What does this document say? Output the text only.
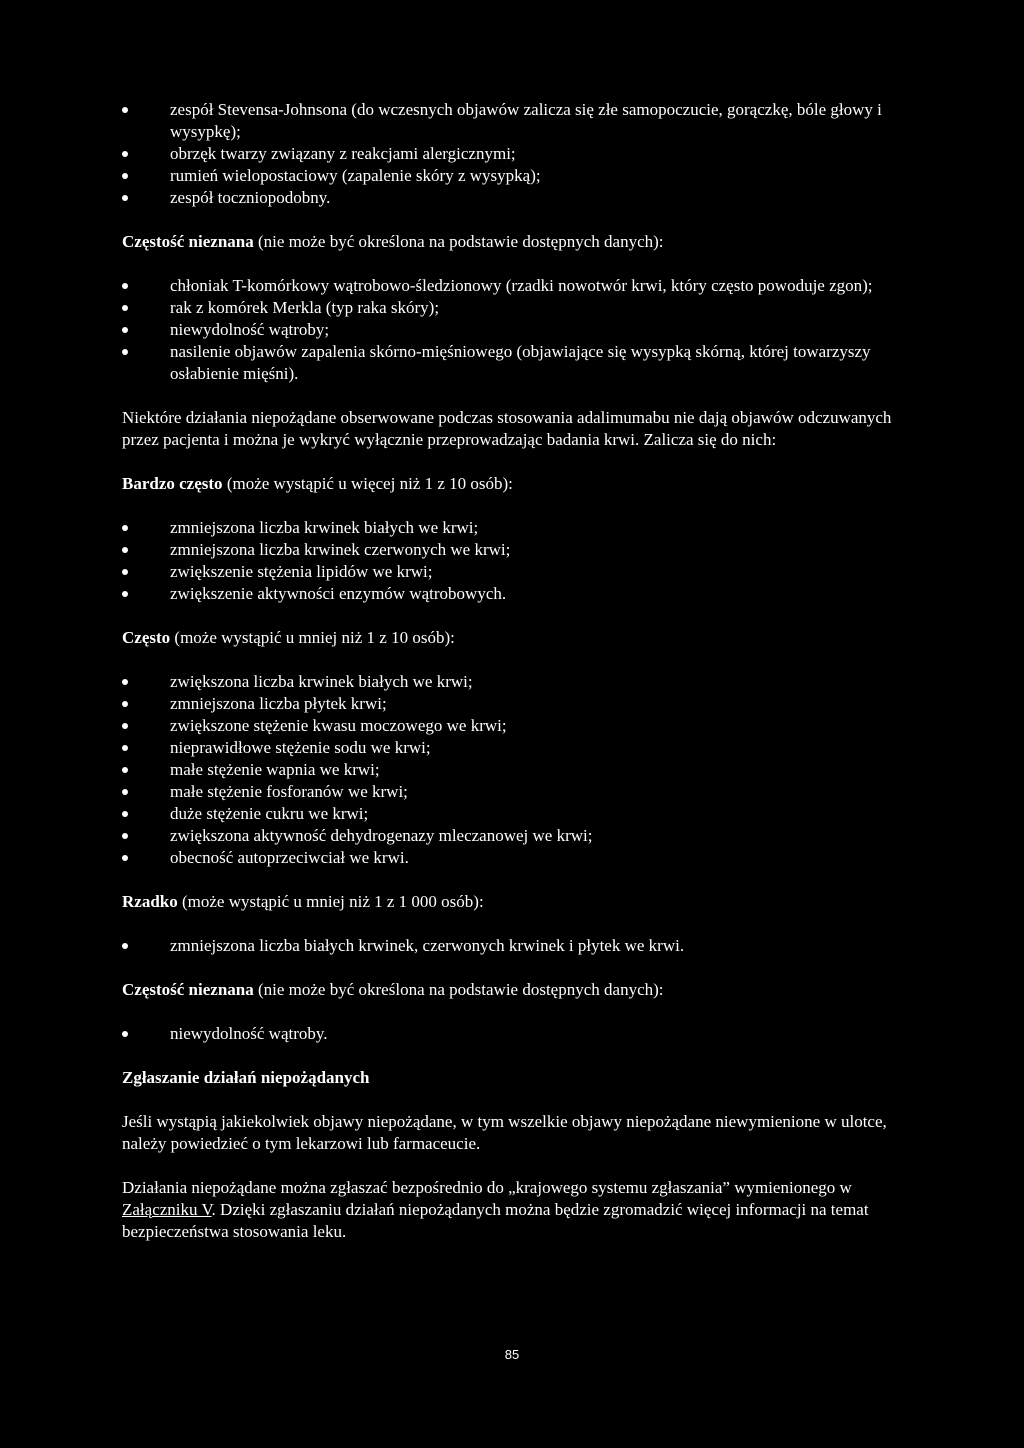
zespół Stevensa-Johnsona (do wczesnych objawów zalicza się złe samopoczucie, gorączkę, bóle głowy i wysypkę);
obrzęk twarzy związany z reakcjami alergicznymi;
rumień wielopostaciowy (zapalenie skóry z wysypką);
zespół toczniopodobny.

Częstość nieznana (nie może być określona na podstawie dostępnych danych):

chłoniak T-komórkowy wątrobowo-śledzionowy (rzadki nowotwór krwi, który często powoduje zgon);
rak z komórek Merkla (typ raka skóry);
niewydolność wątroby;
nasilenie objawów zapalenia skórno-mięśniowego (objawiające się wysypką skórną, której towarzyszy osłabienie mięśni).

Niektóre działania niepożądane obserwowane podczas stosowania adalimumabu nie dają objawów odczuwanych przez pacjenta i można je wykryć wyłącznie przeprowadzając badania krwi. Zalicza się do nich:

Bardzo często (może wystąpić u więcej niż 1 z 10 osób):

zmniejszona liczba krwinek białych we krwi;
zmniejszona liczba krwinek czerwonych we krwi;
zwiększenie stężenia lipidów we krwi;
zwiększenie aktywności enzymów wątrobowych.

Często (może wystąpić u mniej niż 1 z 10 osób):

zwiększona liczba krwinek białych we krwi;
zmniejszona liczba płytek krwi;
zwiększone stężenie kwasu moczowego we krwi;
nieprawidłowe stężenie sodu we krwi;
małe stężenie wapnia we krwi;
małe stężenie fosforanów we krwi;
duże stężenie cukru we krwi;
zwiększona aktywność dehydrogenazy mleczanowej we krwi;
obecność autoprzeciwciał we krwi.

Rzadko (może wystąpić u mniej niż 1 z 1 000 osób):

zmniejszona liczba białych krwinek, czerwonych krwinek i płytek we krwi.

Częstość nieznana (nie może być określona na podstawie dostępnych danych):

niewydolność wątroby.

Zgłaszanie działań niepożądanych

Jeśli wystąpią jakiekolwiek objawy niepożądane, w tym wszelkie objawy niepożądane niewymienione w ulotce, należy powiedzieć o tym lekarzowi lub farmaceucie.

Działania niepożądane można zgłaszać bezpośrednio do „krajowego systemu zgłaszania” wymienionego w Załączniku V. Dzięki zgłaszaniu działań niepożądanych można będzie zgromadzić więcej informacji na temat bezpieczeństwa stosowania leku.

85
